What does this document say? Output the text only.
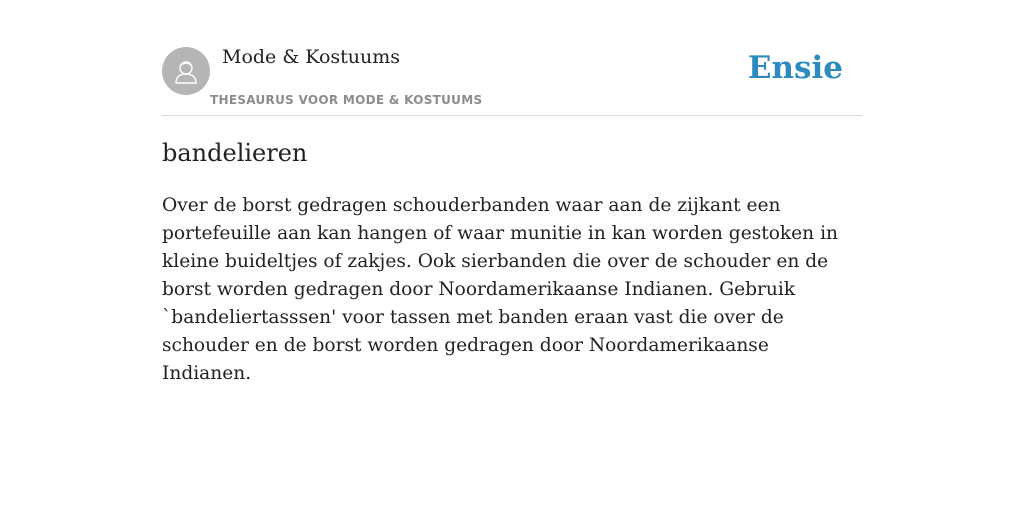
Mode & Kostuums
THESAURUS VOOR MODE & KOSTUUMS
Ensie
bandelieren

Over de borst gedragen schouderbanden waar aan de zijkant een portefeuille aan kan hangen of waar munitie in kan worden gestoken in kleine buideltjes of zakjes. Ook sierbanden die over de schouder en de borst worden gedragen door Noordamerikaanse Indianen. Gebruik `bandeliertasssen' voor tassen met banden eraan vast die over de schouder en de borst worden gedragen door Noordamerikaanse Indianen.
